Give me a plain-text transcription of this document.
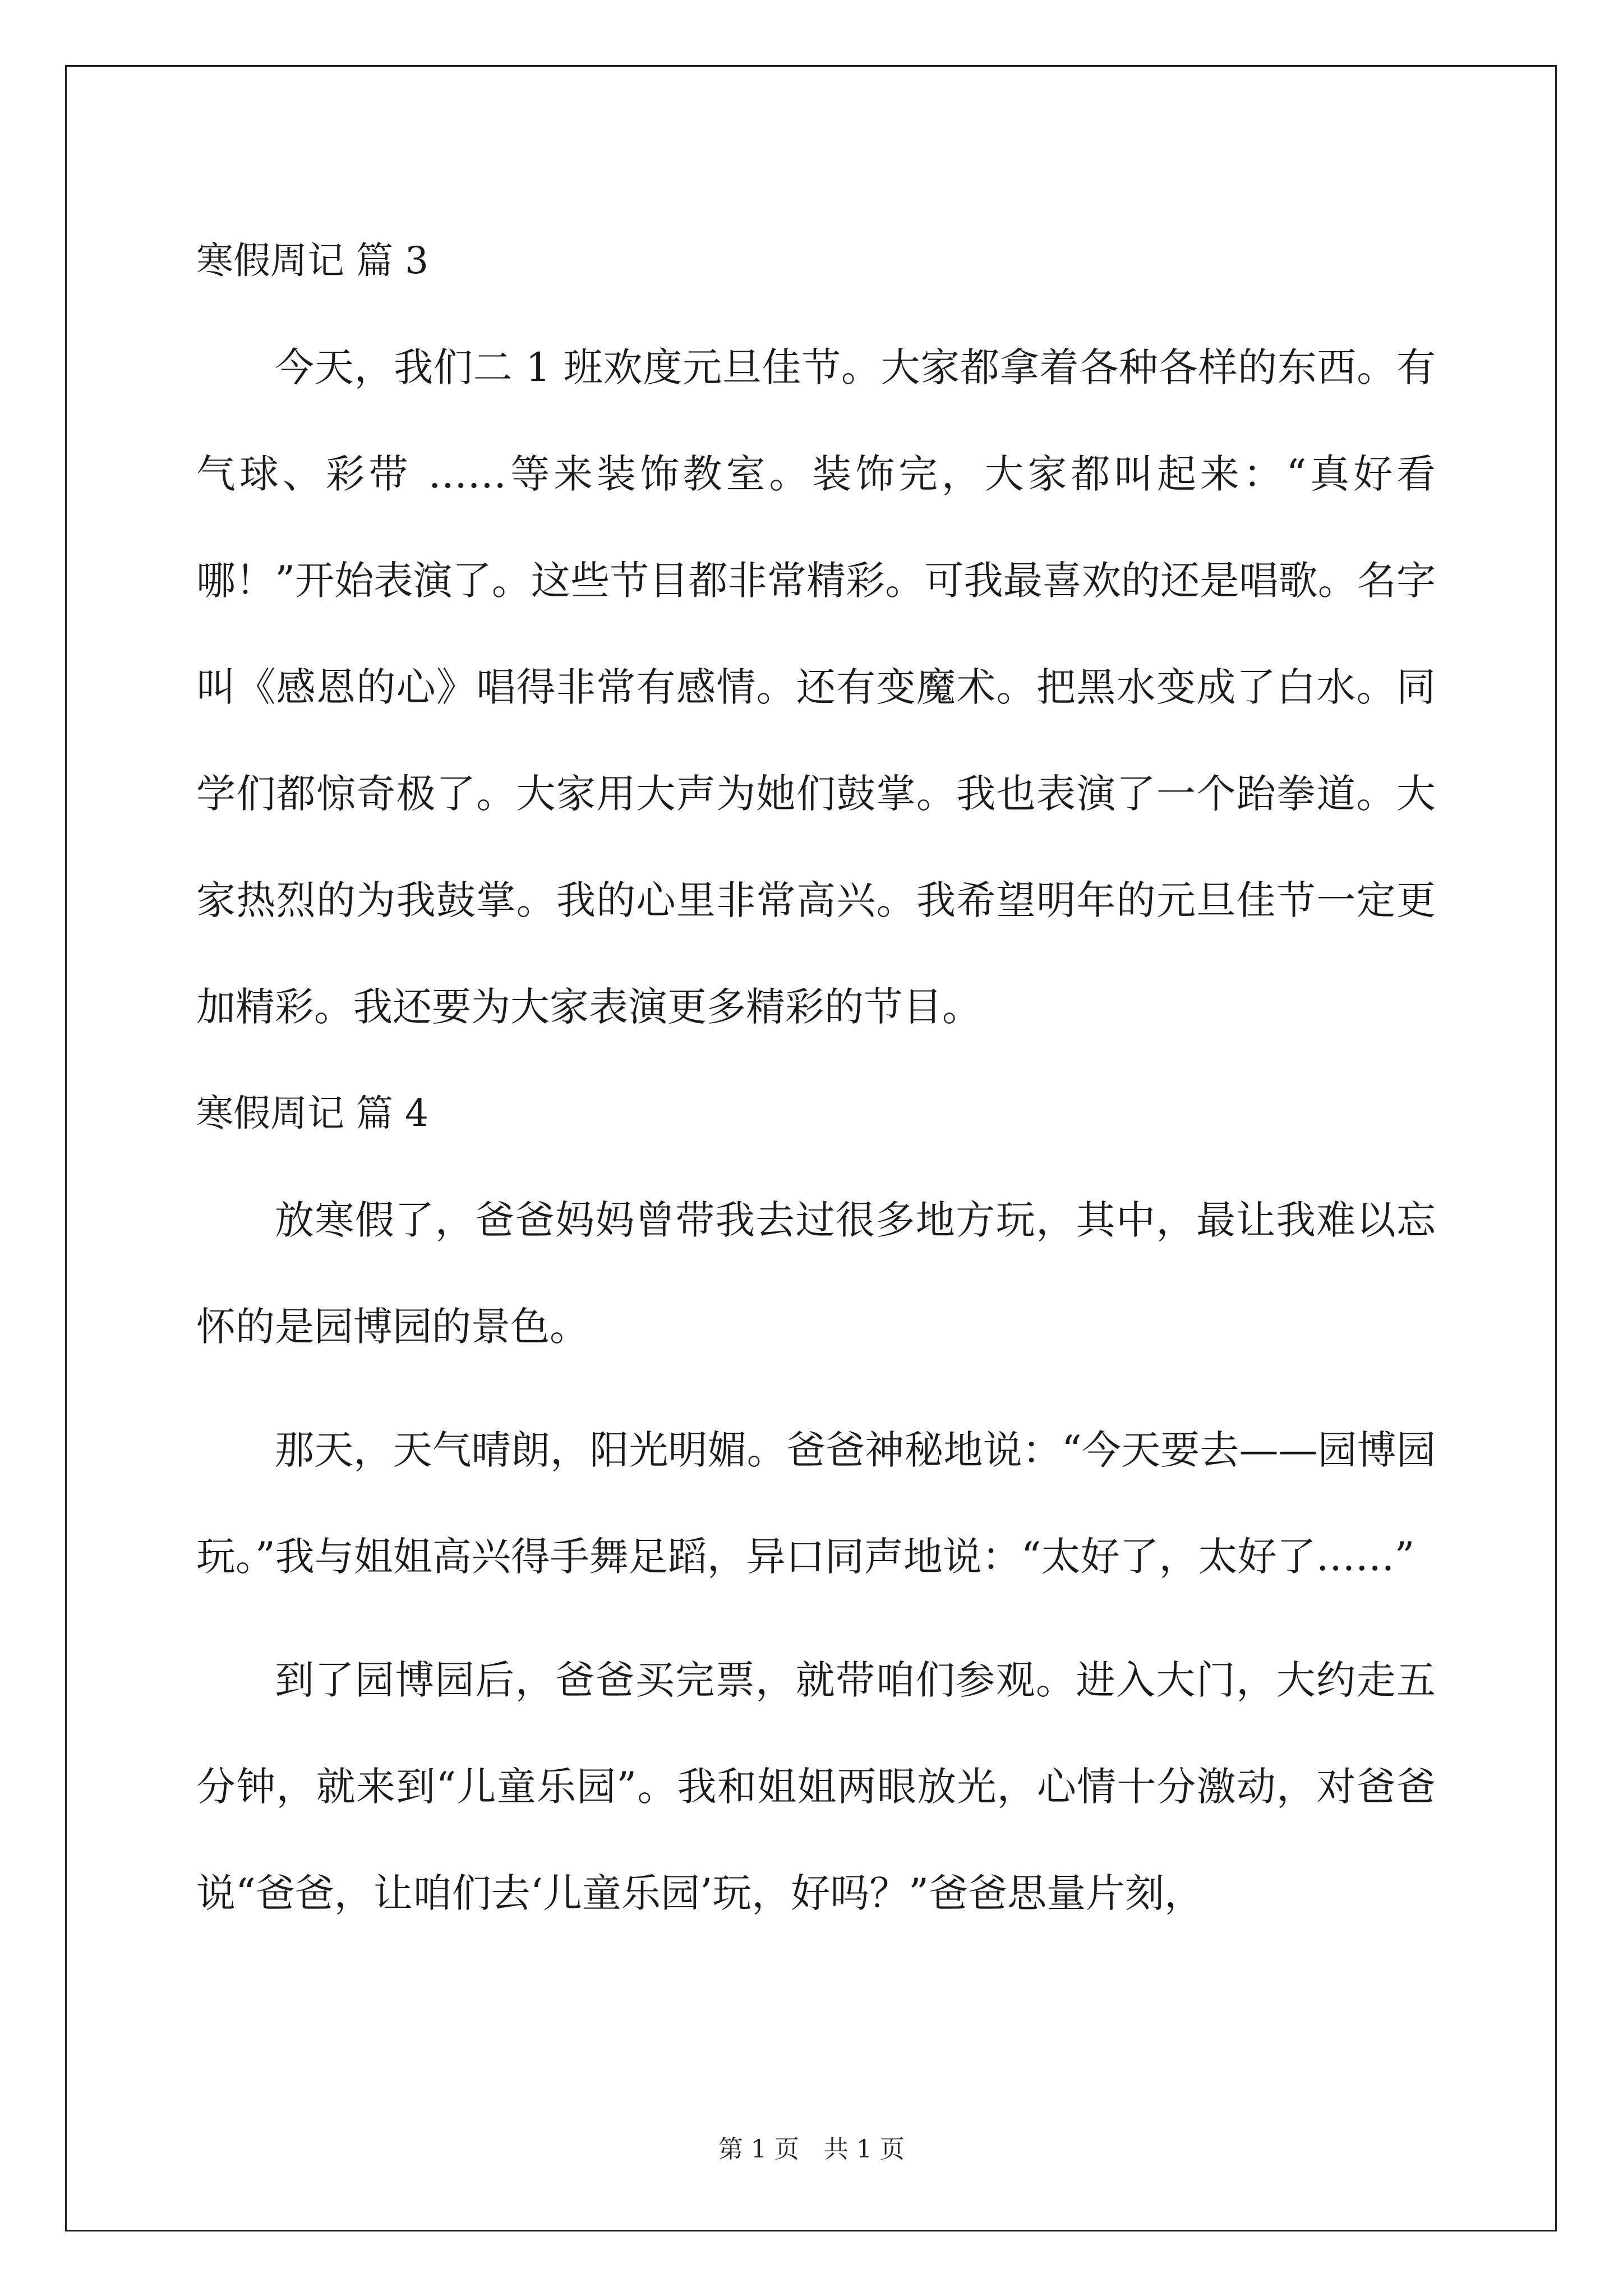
寒假周记 篇 3

今天，我们二 1 班欢度元旦佳节。大家都拿着各种各样的东西。有气球、彩带 ……等来装饰教室。装饰完，大家都叫起来：“真好看哪！”开始表演了。这些节目都非常精彩。可我最喜欢的还是唱歌。名字叫《感恩的心》唱得非常有感情。还有变魔术。把黑水变成了白水。同学们都惊奇极了。大家用大声为她们鼓掌。我也表演了一个跆拳道。大家热烈的为我鼓掌。我的心里非常高兴。我希望明年的元旦佳节一定更加精彩。我还要为大家表演更多精彩的节目。

寒假周记 篇 4

放寒假了，爸爸妈妈曾带我去过很多地方玩，其中，最让我难以忘怀的是园博园的景色。

那天，天气晴朗，阳光明媚。爸爸神秘地说：“今天要去——园博园玩。”我与姐姐高兴得手舞足蹈，异口同声地说：“太好了，太好了……”

到了园博园后，爸爸买完票，就带咱们参观。进入大门，大约走五分钟，就来到“儿童乐园”。我和姐姐两眼放光，心情十分激动，对爸爸说“爸爸，让咱们去‘儿童乐园’玩，好吗？”爸爸思量片刻，

第 1 页　共 1 页
